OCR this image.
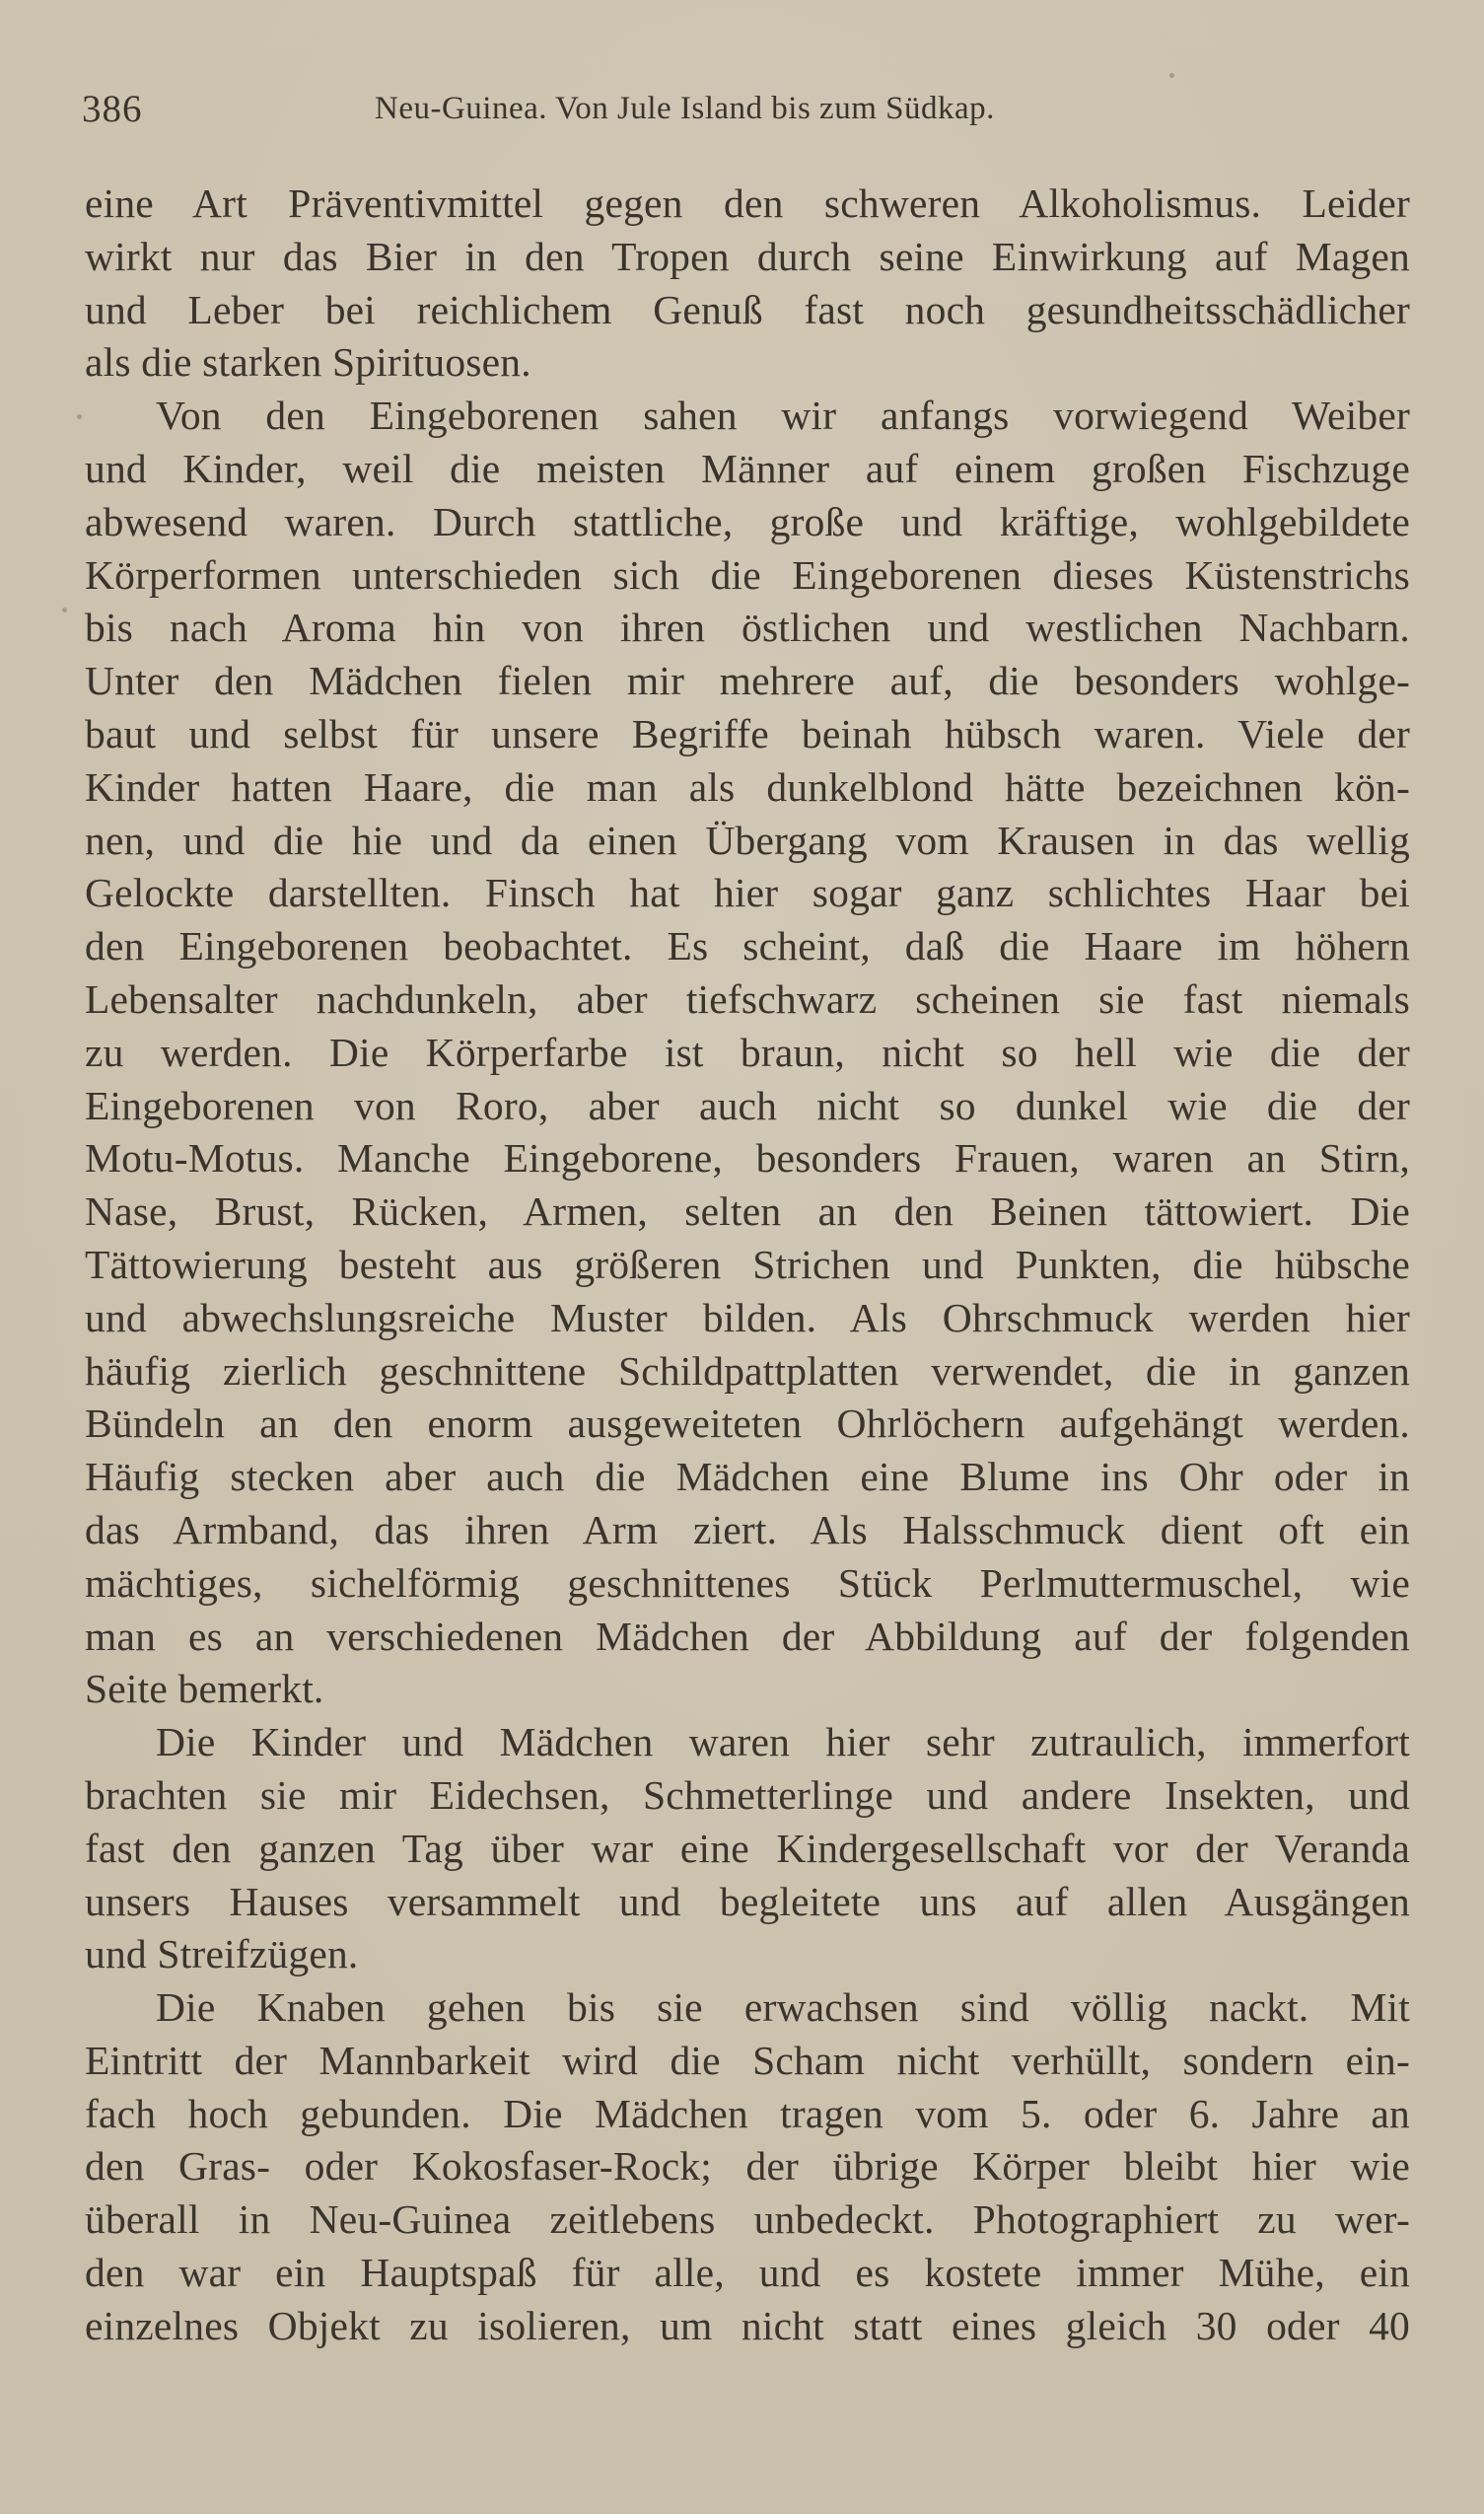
386	Neu-Guinea. Von Jule Island bis zum Südkap.
eine Art Präventivmittel gegen den schweren Alkoholismus. Leider
wirkt nur das Bier in den Tropen durch seine Einwirkung auf Magen
und Leber bei reichlichem Genuß fast noch gesundheitsschädlicher
als die starken Spirituosen.
Von den Eingeborenen sahen wir anfangs vorwiegend Weiber
und Kinder, weil die meisten Männer auf einem großen Fischzuge
abwesend waren. Durch stattliche, große und kräftige, wohlgebildete
Körperformen unterschieden sich die Eingeborenen dieses Küstenstrichs
bis nach Aroma hin von ihren östlichen und westlichen Nachbarn.
Unter den Mädchen fielen mir mehrere auf, die besonders wohlge-
baut und selbst für unsere Begriffe beinah hübsch waren. Viele der
Kinder hatten Haare, die man als dunkelblond hätte bezeichnen kön-
nen, und die hie und da einen Übergang vom Krausen in das wellig
Gelockte darstellten. Finsch hat hier sogar ganz schlichtes Haar bei
den Eingeborenen beobachtet. Es scheint, daß die Haare im höhern
Lebensalter nachdunkeln, aber tiefschwarz scheinen sie fast niemals
zu werden. Die Körperfarbe ist braun, nicht so hell wie die der
Eingeborenen von Roro, aber auch nicht so dunkel wie die der
Motu-Motus. Manche Eingeborene, besonders Frauen, waren an Stirn,
Nase, Brust, Rücken, Armen, selten an den Beinen tättowiert. Die
Tättowierung besteht aus größeren Strichen und Punkten, die hübsche
und abwechslungsreiche Muster bilden. Als Ohrschmuck werden hier
häufig zierlich geschnittene Schildpattplatten verwendet, die in ganzen
Bündeln an den enorm ausgeweiteten Ohrlöchern aufgehängt werden.
Häufig stecken aber auch die Mädchen eine Blume ins Ohr oder in
das Armband, das ihren Arm ziert. Als Halsschmuck dient oft ein
mächtiges, sichelförmig geschnittenes Stück Perlmuttermuschel, wie
man es an verschiedenen Mädchen der Abbildung auf der folgenden
Seite bemerkt.
Die Kinder und Mädchen waren hier sehr zutraulich, immerfort
brachten sie mir Eidechsen, Schmetterlinge und andere Insekten, und
fast den ganzen Tag über war eine Kindergesellschaft vor der Veranda
unsers Hauses versammelt und begleitete uns auf allen Ausgängen
und Streifzügen.
Die Knaben gehen bis sie erwachsen sind völlig nackt. Mit
Eintritt der Mannbarkeit wird die Scham nicht verhüllt, sondern ein-
fach hoch gebunden. Die Mädchen tragen vom 5. oder 6. Jahre an
den Gras- oder Kokosfaser-Rock; der übrige Körper bleibt hier wie
überall in Neu-Guinea zeitlebens unbedeckt. Photographiert zu wer-
den war ein Hauptspaß für alle, und es kostete immer Mühe, ein
einzelnes Objekt zu isolieren, um nicht statt eines gleich 30 oder 40
